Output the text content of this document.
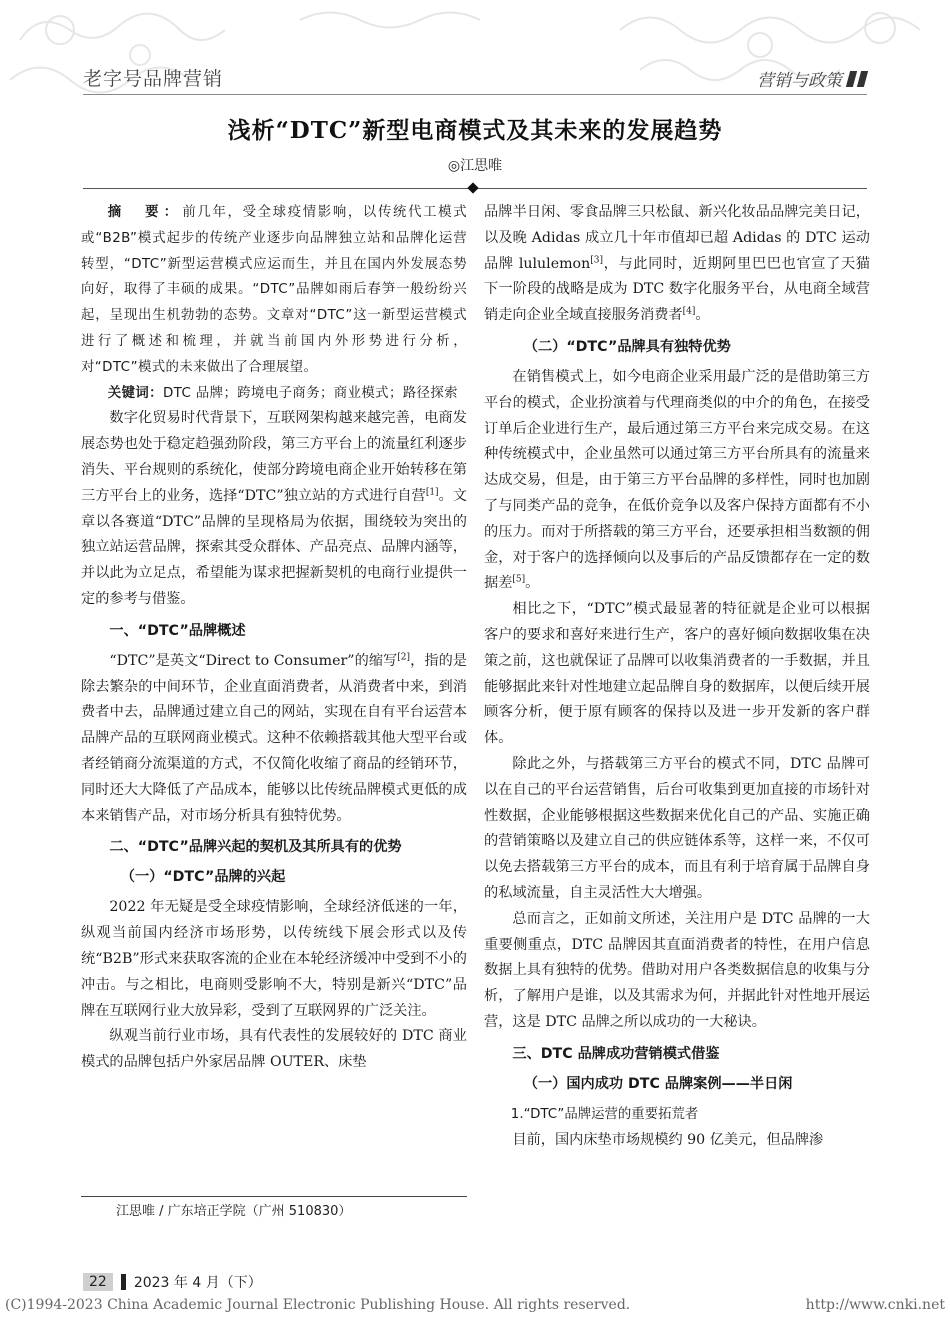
老字号品牌营销	营销与政策
浅析“DTC”新型电商模式及其未来的发展趋势
◎江思唯

摘　要：前几年，受全球疫情影响，以传统代工模式或“B2B”模式起步的传统产业逐步向品牌独立站和品牌化运营转型，“DTC”新型运营模式应运而生，并且在国内外发展态势向好，取得了丰硕的成果。“DTC”品牌如雨后春笋一般纷纷兴起，呈现出生机勃勃的态势。文章对“DTC”这一新型运营模式进行了概述和梳理，并就当前国内外形势进行分析，对“DTC”模式的未来做出了合理展望。

关键词：DTC 品牌；跨境电子商务；商业模式；路径探索

数字化贸易时代背景下，互联网架构越来越完善，电商发展态势也处于稳定趋强劲阶段，第三方平台上的流量红利逐步消失、平台规则的系统化，使部分跨境电商企业开始转移在第三方平台上的业务，选择“DTC”独立站的方式进行自营[1]。文章以各赛道“DTC”品牌的呈现格局为依据，围绕较为突出的独立站运营品牌，探索其受众群体、产品亮点、品牌内涵等，并以此为立足点，希望能为谋求把握新契机的电商行业提供一定的参考与借鉴。

一、“DTC”品牌概述

“DTC”是英文“Direct to Consumer”的缩写[2]，指的是除去繁杂的中间环节，企业直面消费者，从消费者中来，到消费者中去，品牌通过建立自己的网站，实现在自有平台运营本品牌产品的互联网商业模式。这种不依赖搭载其他大型平台或者经销商分流渠道的方式，不仅简化收缩了商品的经销环节，同时还大大降低了产品成本，能够以比传统品牌模式更低的成本来销售产品，对市场分析具有独特优势。

二、“DTC”品牌兴起的契机及其所具有的优势
（一）“DTC”品牌的兴起

2022 年无疑是受全球疫情影响，全球经济低迷的一年，纵观当前国内经济市场形势，以传统线下展会形式以及传统“B2B”形式来获取客流的企业在本轮经济缓冲中受到不小的冲击。与之相比，电商则受影响不大，特别是新兴“DTC”品牌在互联网行业大放异彩，受到了互联网界的广泛关注。

纵观当前行业市场，具有代表性的发展较好的 DTC 商业模式的品牌包括户外家居品牌 OUTER、床垫

品牌半日闲、零食品牌三只松鼠、新兴化妆品品牌完美日记，以及晚 Adidas 成立几十年市值却已超 Adidas 的 DTC 运动品牌 lululemon[3]，与此同时，近期阿里巴巴也官宣了天猫下一阶段的战略是成为 DTC 数字化服务平台，从电商全域营销走向企业全域直接服务消费者[4]。

（二）“DTC”品牌具有独特优势

在销售模式上，如今电商企业采用最广泛的是借助第三方平台的模式，企业扮演着与代理商类似的中介的角色，在接受订单后企业进行生产，最后通过第三方平台来完成交易。在这种传统模式中，企业虽然可以通过第三方平台所具有的流量来达成交易，但是，由于第三方平台品牌的多样性，同时也加剧了与同类产品的竞争，在低价竞争以及客户保持方面都有不小的压力。而对于所搭载的第三方平台，还要承担相当数额的佣金，对于客户的选择倾向以及事后的产品反馈都存在一定的数据差[5]。

相比之下，“DTC”模式最显著的特征就是企业可以根据客户的要求和喜好来进行生产，客户的喜好倾向数据收集在决策之前，这也就保证了品牌可以收集消费者的一手数据，并且能够据此来针对性地建立起品牌自身的数据库，以便后续开展顾客分析，便于原有顾客的保持以及进一步开发新的客户群体。

除此之外，与搭载第三方平台的模式不同，DTC 品牌可以在自己的平台运营销售，后台可收集到更加直接的市场针对性数据，企业能够根据这些数据来优化自己的产品、实施正确的营销策略以及建立自己的供应链体系等，这样一来，不仅可以免去搭载第三方平台的成本，而且有利于培育属于品牌自身的私域流量，自主灵活性大大增强。

总而言之，正如前文所述，关注用户是 DTC 品牌的一大重要侧重点，DTC 品牌因其直面消费者的特性，在用户信息数据上具有独特的优势。借助对用户各类数据信息的收集与分析，了解用户是谁，以及其需求为何，并据此针对性地开展运营，这是 DTC 品牌之所以成功的一大秘诀。

三、DTC 品牌成功营销模式借鉴
（一）国内成功 DTC 品牌案例——半日闲

1.“DTC”品牌运营的重要拓荒者

目前，国内床垫市场规模约 90 亿美元，但品牌渗

江思唯 / 广东培正学院（广州 510830）
22	2023 年 4 月（下）
(C)1994-2023 China Academic Journal Electronic Publishing House. All rights reserved.	http://www.cnki.net
